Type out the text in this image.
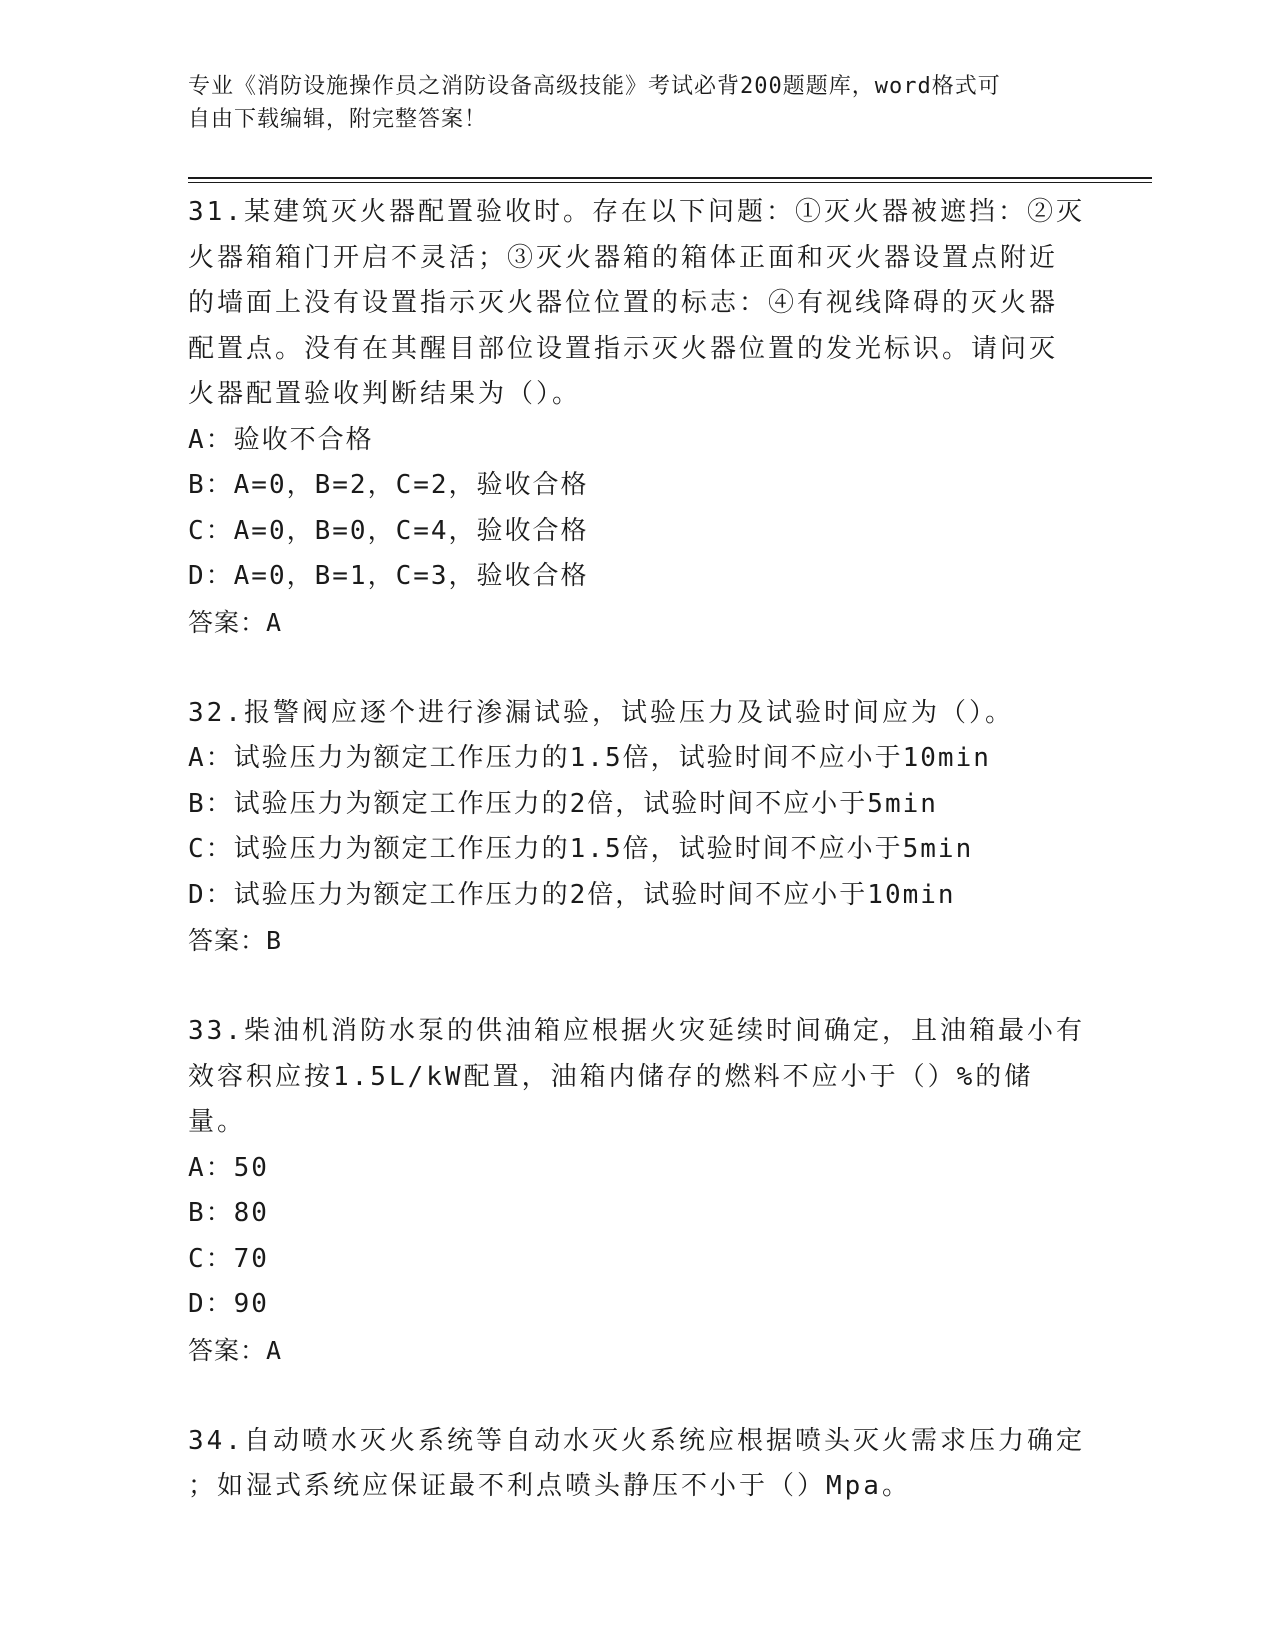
专业《消防设施操作员之消防设备高级技能》考试必背200题题库，word格式可
自由下载编辑，附完整答案！

31.某建筑灭火器配置验收时。存在以下问题：①灭火器被遮挡：②灭

火器箱箱门开启不灵活；③灭火器箱的箱体正面和灭火器设置点附近

的墙面上没有设置指示灭火器位位置的标志：④有视线降碍的灭火器

配置点。没有在其醒目部位设置指示灭火器位置的发光标识。请问灭

火器配置验收判断结果为（）。

A：验收不合格

B：A=0，B=2，C=2，验收合格

C：A=0，B=0，C=4，验收合格

D：A=0，B=1，C=3，验收合格

答案：A

32.报警阀应逐个进行渗漏试验，试验压力及试验时间应为（）。

A：试验压力为额定工作压力的1.5倍，试验时间不应小于10min

B：试验压力为额定工作压力的2倍，试验时间不应小于5min

C：试验压力为额定工作压力的1.5倍，试验时间不应小于5min

D：试验压力为额定工作压力的2倍，试验时间不应小于10min

答案：B

33.柴油机消防水泵的供油箱应根据火灾延续时间确定，且油箱最小有

效容积应按1.5L/kW配置，油箱内储存的燃料不应小于（）%的储量。

A：50

B：80

C：70

D：90

答案：A

34.自动喷水灭火系统等自动水灭火系统应根据喷头灭火需求压力确定

；如湿式系统应保证最不利点喷头静压不小于（）Mpa。
